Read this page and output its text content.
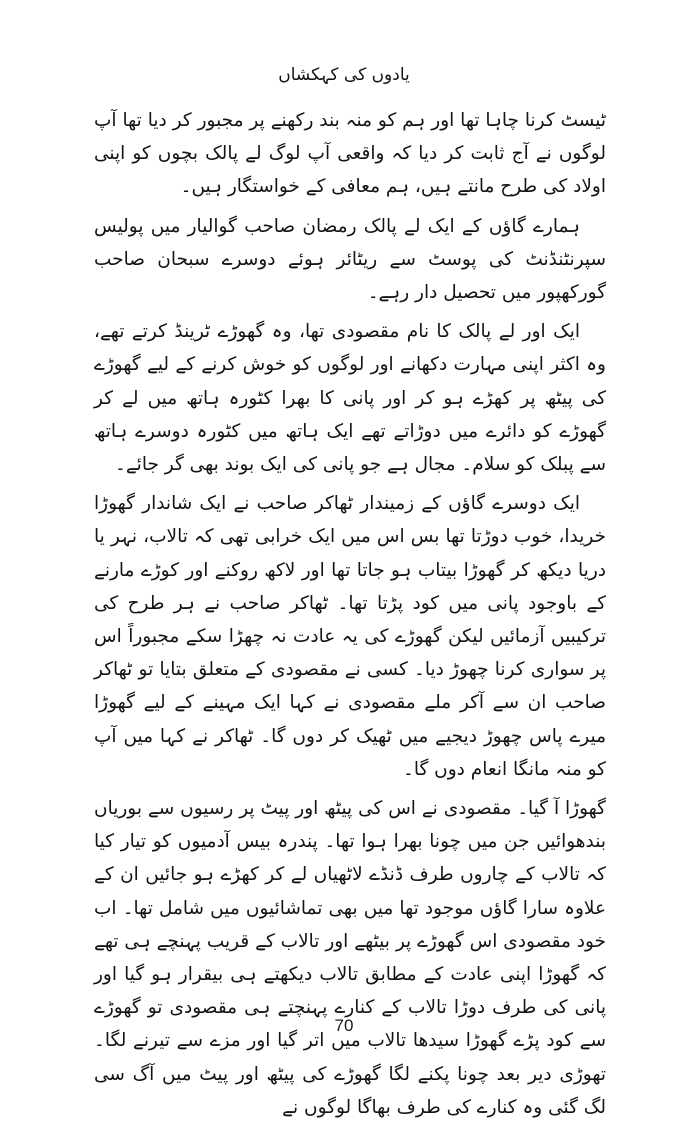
یادوں کی کہکشاں

ٹیسٹ کرنا چاہا تھا اور ہم کو منہ بند رکھنے پر مجبور کر دیا تھا آپ لوگوں نے آج ثابت کر دیا کہ واقعی آپ لوگ لے پالک بچوں کو اپنی اولاد کی طرح مانتے ہیں، ہم معافی کے خواستگار ہیں۔

ہمارے گاؤں کے ایک لے پالک رمضان صاحب گوالیار میں پولیس سپرنٹنڈنٹ کی پوسٹ سے ریٹائر ہوئے دوسرے سبحان صاحب گورکھپور میں تحصیل دار رہے۔

ایک اور لے پالک کا نام مقصودی تھا، وہ گھوڑے ٹرینڈ کرتے تھے، وہ اکثر اپنی مہارت دکھانے اور لوگوں کو خوش کرنے کے لیے گھوڑے کی پیٹھ پر کھڑے ہو کر اور پانی کا بھرا کٹورہ ہاتھ میں لے کر گھوڑے کو دائرے میں دوڑاتے تھے ایک ہاتھ میں کٹورہ دوسرے ہاتھ سے پبلک کو سلام۔ مجال ہے جو پانی کی ایک بوند بھی گر جائے۔

ایک دوسرے گاؤں کے زمیندار ٹھاکر صاحب نے ایک شاندار گھوڑا خریدا، خوب دوڑتا تھا بس اس میں ایک خرابی تھی کہ تالاب، نہر یا دریا دیکھ کر گھوڑا بیتاب ہو جاتا تھا اور لاکھ روکنے اور کوڑے مارنے کے باوجود پانی میں کود پڑتا تھا۔ ٹھاکر صاحب نے ہر طرح کی ترکیبیں آزمائیں لیکن گھوڑے کی یہ عادت نہ چھڑا سکے مجبوراً اس پر سواری کرنا چھوڑ دیا۔ کسی نے مقصودی کے متعلق بتایا تو ٹھاکر صاحب ان سے آکر ملے مقصودی نے کہا ایک مہینے کے لیے گھوڑا میرے پاس چھوڑ دیجیے میں ٹھیک کر دوں گا۔ ٹھاکر نے کہا میں آپ کو منہ مانگا انعام دوں گا۔

گھوڑا آ گیا۔ مقصودی نے اس کی پیٹھ اور پیٹ پر رسیوں سے بوریاں بندھوائیں جن میں چونا بھرا ہوا تھا۔ پندرہ بیس آدمیوں کو تیار کیا کہ تالاب کے چاروں طرف ڈنڈے لاٹھیاں لے کر کھڑے ہو جائیں ان کے علاوہ سارا گاؤں موجود تھا میں بھی تماشائیوں میں شامل تھا۔ اب خود مقصودی اس گھوڑے پر بیٹھے اور تالاب کے قریب پہنچے ہی تھے کہ گھوڑا اپنی عادت کے مطابق تالاب دیکھتے ہی بیقرار ہو گیا اور پانی کی طرف دوڑا تالاب کے کنارے پہنچتے ہی مقصودی تو گھوڑے سے کود پڑے گھوڑا سیدھا تالاب میں اتر گیا اور مزے سے تیرنے لگا۔ تھوڑی دیر بعد چونا پکنے لگا گھوڑے کی پیٹھ اور پیٹ میں آگ سی لگ گئی وہ کنارے کی طرف بھاگا لوگوں نے

70
